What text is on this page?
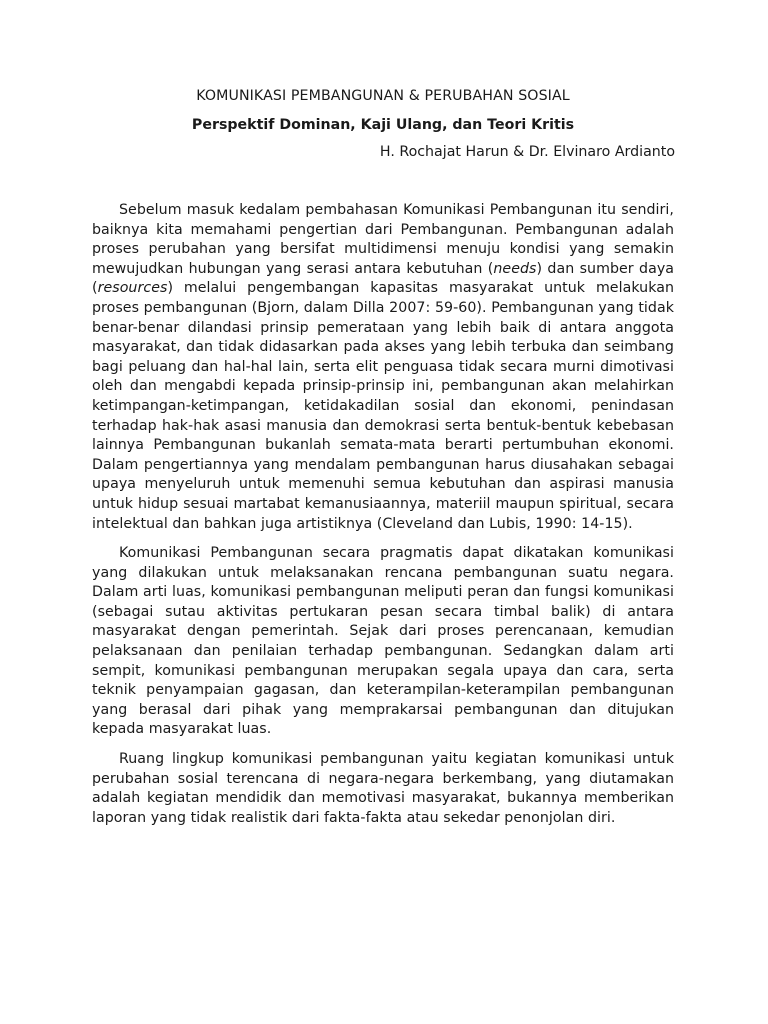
KOMUNIKASI PEMBANGUNAN & PERUBAHAN SOSIAL

Perspektif Dominan, Kaji Ulang, dan Teori Kritis

H. Rochajat Harun & Dr. Elvinaro Ardianto

Sebelum masuk kedalam pembahasan Komunikasi Pembangunan itu sendiri, baiknya kita memahami pengertian dari Pembangunan. Pembangunan adalah proses perubahan yang bersifat multidimensi menuju kondisi yang semakin mewujudkan hubungan yang serasi antara kebutuhan (needs) dan sumber daya (resources) melalui pengembangan kapasitas masyarakat untuk melakukan proses pembangunan (Bjorn, dalam Dilla 2007: 59-60). Pembangunan yang tidak benar-benar dilandasi prinsip pemerataan yang lebih baik di antara anggota masyarakat, dan tidak didasarkan pada akses yang lebih terbuka dan seimbang bagi peluang dan hal-hal lain, serta elit penguasa tidak secara murni dimotivasi oleh dan mengabdi kepada prinsip-prinsip ini, pembangunan akan melahirkan ketimpangan-ketimpangan, ketidakadilan sosial dan ekonomi, penindasan terhadap hak-hak asasi manusia dan demokrasi serta bentuk-bentuk kebebasan lainnya Pembangunan bukanlah semata-mata berarti pertumbuhan ekonomi. Dalam pengertiannya yang mendalam pembangunan harus diusahakan sebagai upaya menyeluruh untuk memenuhi semua kebutuhan dan aspirasi manusia untuk hidup sesuai martabat kemanusiaannya, materiil maupun spiritual, secara intelektual dan bahkan juga artistiknya (Cleveland dan Lubis, 1990: 14-15).

Komunikasi Pembangunan secara pragmatis dapat dikatakan komunikasi yang dilakukan untuk melaksanakan rencana pembangunan suatu negara. Dalam arti luas, komunikasi pembangunan meliputi peran dan fungsi komunikasi (sebagai sutau aktivitas pertukaran pesan secara timbal balik) di antara masyarakat dengan pemerintah. Sejak dari proses perencanaan, kemudian pelaksanaan dan penilaian terhadap pembangunan. Sedangkan dalam arti sempit, komunikasi pembangunan merupakan segala upaya dan cara, serta teknik penyampaian gagasan, dan keterampilan-keterampilan pembangunan yang berasal dari pihak yang memprakarsai pembangunan dan ditujukan kepada masyarakat luas.

Ruang lingkup komunikasi pembangunan yaitu kegiatan komunikasi untuk perubahan sosial terencana di negara-negara berkembang, yang diutamakan adalah kegiatan mendidik dan memotivasi masyarakat, bukannya memberikan laporan yang tidak realistik dari fakta-fakta atau sekedar penonjolan diri.
